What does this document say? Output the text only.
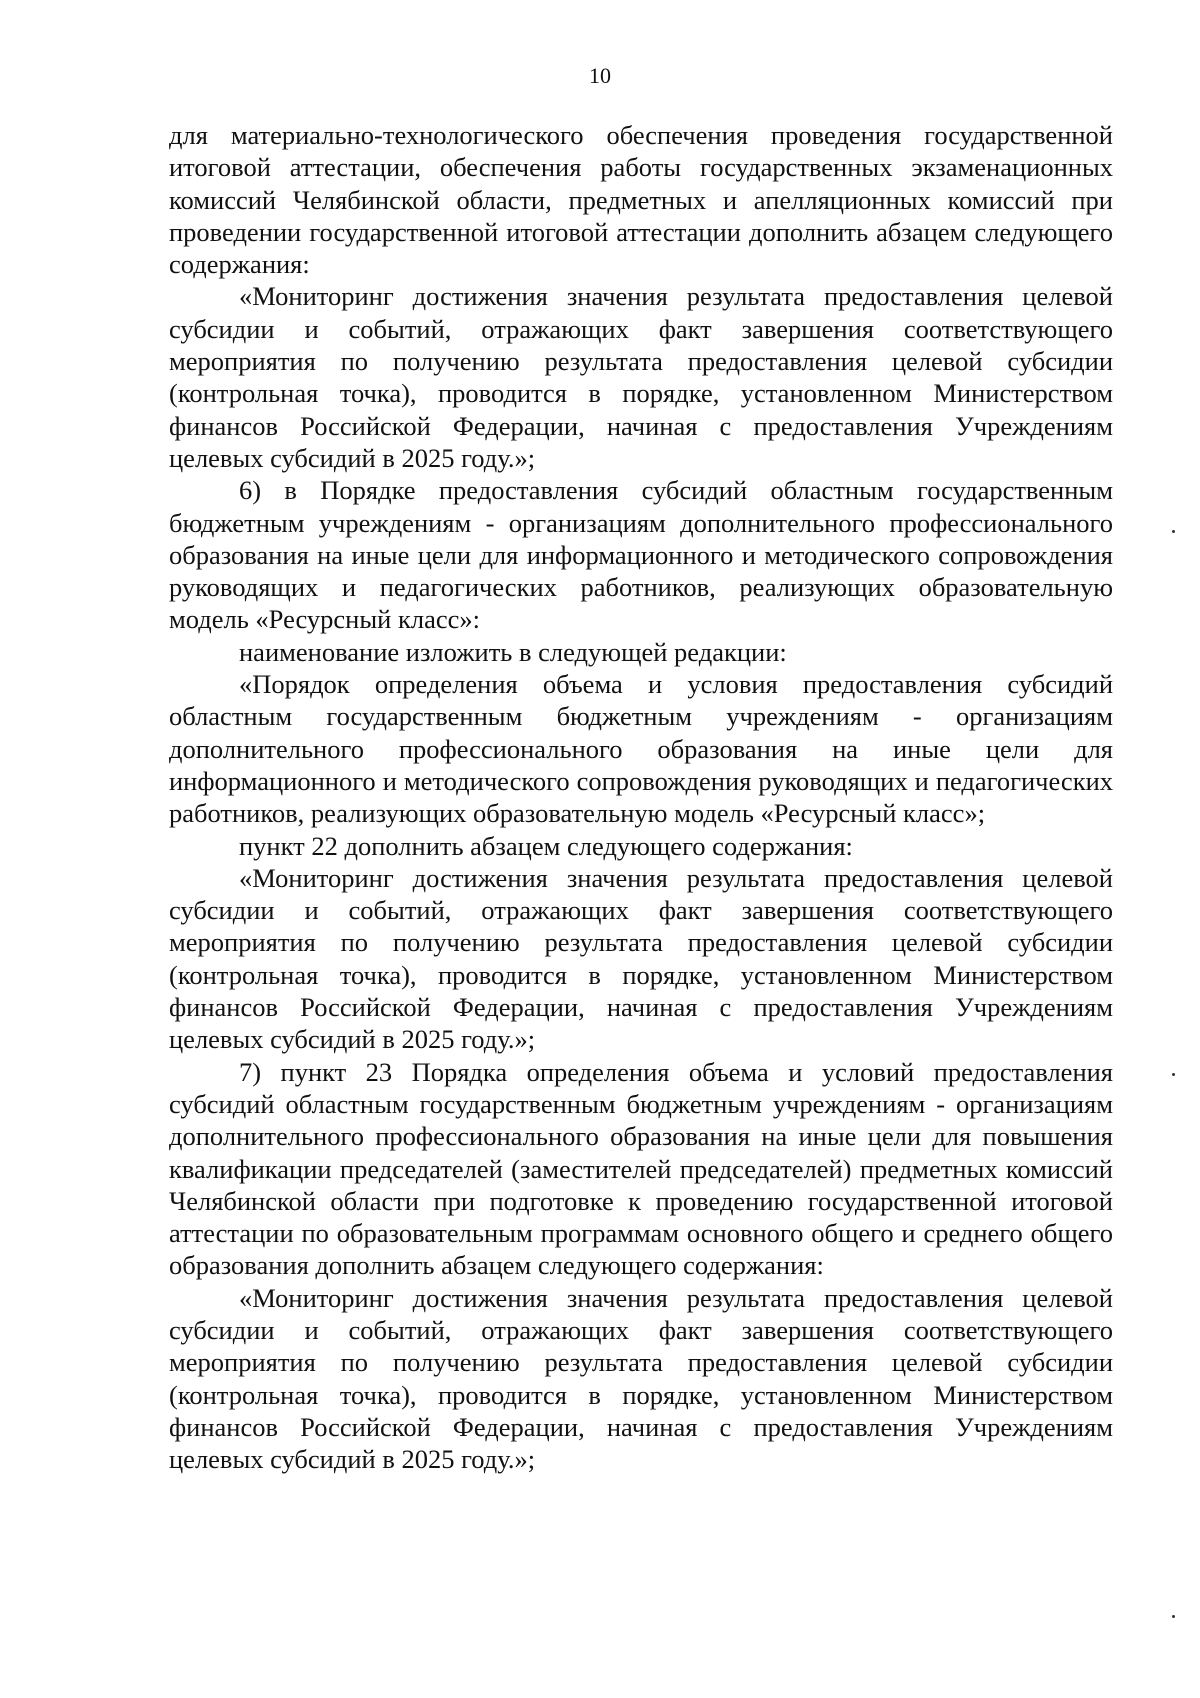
10

для материально-технологического обеспечения проведения государственной итоговой аттестации, обеспечения работы государственных экзаменационных комиссий Челябинской области, предметных и апелляционных комиссий при проведении государственной итоговой аттестации дополнить абзацем следующего содержания:

«Мониторинг достижения значения результата предоставления целевой субсидии и событий, отражающих факт завершения соответствующего мероприятия по получению результата предоставления целевой субсидии (контрольная точка), проводится в порядке, установленном Министерством финансов Российской Федерации, начиная с предоставления Учреждениям целевых субсидий в 2025 году.»;

6) в Порядке предоставления субсидий областным государственным бюджетным учреждениям - организациям дополнительного профессионального образования на иные цели для информационного и методического сопровождения руководящих и педагогических работников, реализующих образовательную модель «Ресурсный класс»:

наименование изложить в следующей редакции:

«Порядок определения объема и условия предоставления субсидий областным государственным бюджетным учреждениям - организациям дополнительного профессионального образования на иные цели для информационного и методического сопровождения руководящих и педагогических работников, реализующих образовательную модель «Ресурсный класс»;

пункт 22 дополнить абзацем следующего содержания:

«Мониторинг достижения значения результата предоставления целевой субсидии и событий, отражающих факт завершения соответствующего мероприятия по получению результата предоставления целевой субсидии (контрольная точка), проводится в порядке, установленном Министерством финансов Российской Федерации, начиная с предоставления Учреждениям целевых субсидий в 2025 году.»;

7) пункт 23 Порядка определения объема и условий предоставления субсидий областным государственным бюджетным учреждениям - организациям дополнительного профессионального образования на иные цели для повышения квалификации председателей (заместителей председателей) предметных комиссий Челябинской области при подготовке к проведению государственной итоговой аттестации по образовательным программам основного общего и среднего общего образования дополнить абзацем следующего содержания:

«Мониторинг достижения значения результата предоставления целевой субсидии и событий, отражающих факт завершения соответствующего мероприятия по получению результата предоставления целевой субсидии (контрольная точка), проводится в порядке, установленном Министерством финансов Российской Федерации, начиная с предоставления Учреждениям целевых субсидий в 2025 году.»;
